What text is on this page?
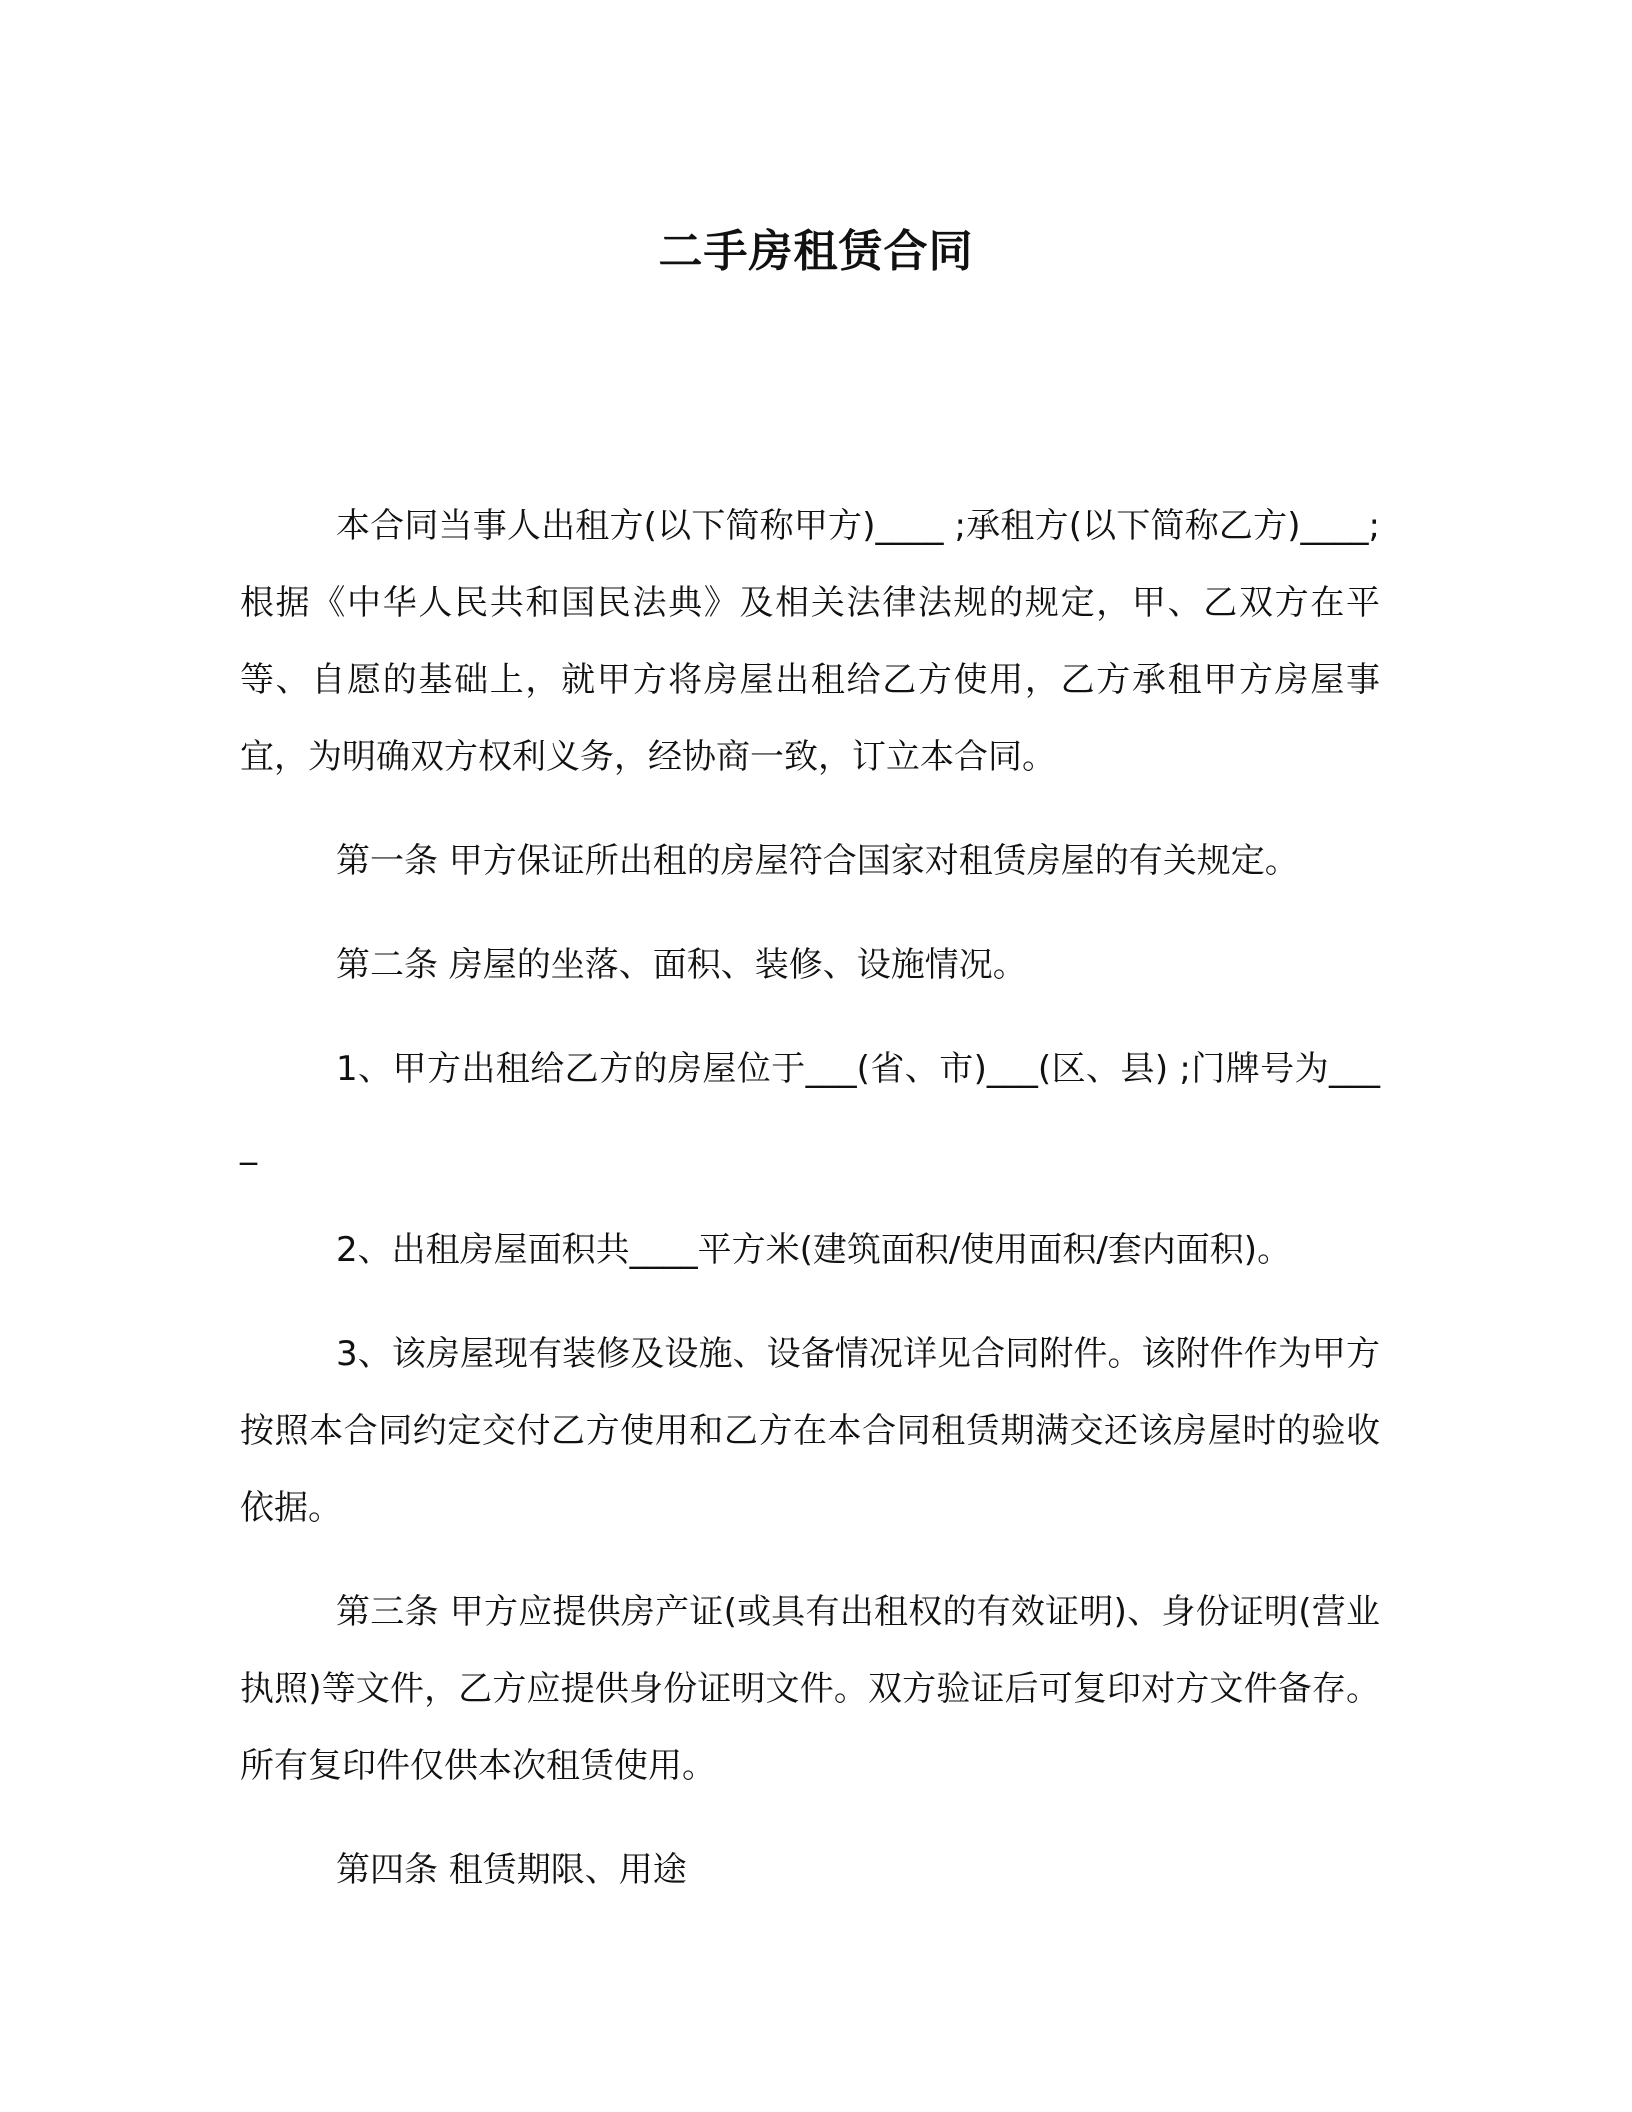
二手房租赁合同

本合同当事人出租方(以下简称甲方)____ ;承租方(以下简称乙方)____;根据《中华人民共和国民法典》及相关法律法规的规定，甲、乙双方在平等、自愿的基础上，就甲方将房屋出租给乙方使用，乙方承租甲方房屋事宜，为明确双方权利义务，经协商一致，订立本合同。

第一条 甲方保证所出租的房屋符合国家对租赁房屋的有关规定。

第二条 房屋的坐落、面积、装修、设施情况。

1、甲方出租给乙方的房屋位于___(省、市)___(区、县) ;门牌号为____

2、出租房屋面积共____平方米(建筑面积/使用面积/套内面积)。

3、该房屋现有装修及设施、设备情况详见合同附件。该附件作为甲方按照本合同约定交付乙方使用和乙方在本合同租赁期满交还该房屋时的验收依据。

第三条 甲方应提供房产证(或具有出租权的有效证明)、身份证明(营业执照)等文件，乙方应提供身份证明文件。双方验证后可复印对方文件备存。所有复印件仅供本次租赁使用。

第四条 租赁期限、用途
